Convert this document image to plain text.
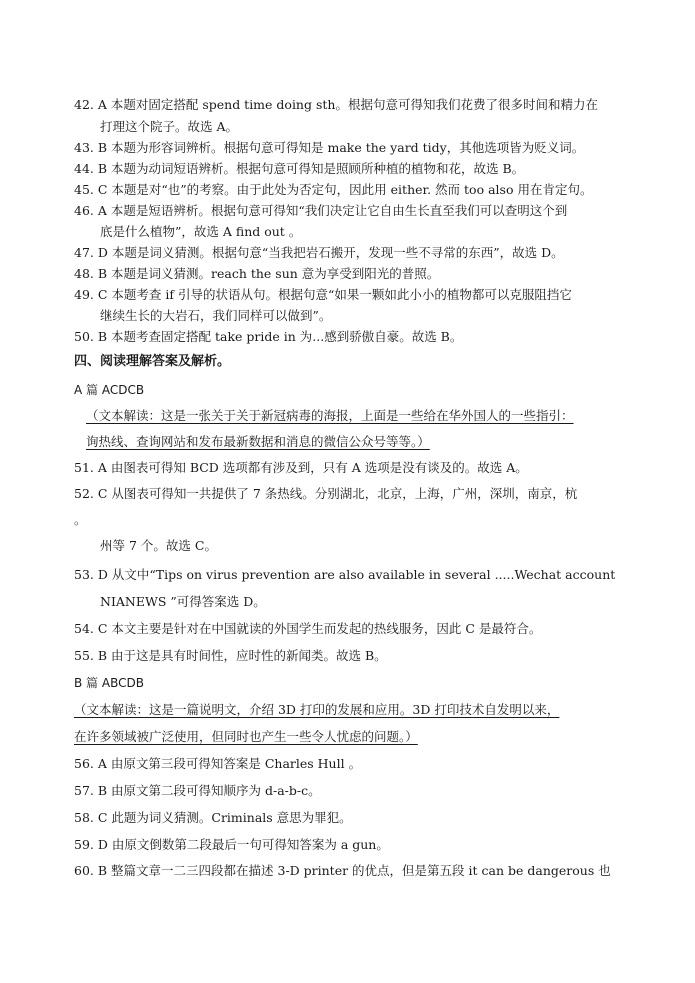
42. A 本题对固定搭配 spend time doing sth。根据句意可得知我们花费了很多时间和精力在
打理这个院子。故选 A。
43. B 本题为形容词辨析。根据句意可得知是 make the yard tidy，其他选项皆为贬义词。
44. B 本题为动词短语辨析。根据句意可得知是照顾所种植的植物和花，故选 B。
45. C 本题是对“也”的考察。由于此处为否定句，因此用 either. 然而 too also 用在肯定句。
46. A 本题是短语辨析。根据句意可得知“我们决定让它自由生长直至我们可以查明这个到
底是什么植物”，故选 A find out 。
47. D 本题是词义猜测。根据句意“当我把岩石搬开，发现一些不寻常的东西”，故选 D。
48. B 本题是词义猜测。reach the sun 意为享受到阳光的普照。
49. C 本题考查 if 引导的状语从句。根据句意“如果一颗如此小小的植物都可以克服阻挡它
继续生长的大岩石，我们同样可以做到”。
50. B 本题考查固定搭配 take pride in 为...感到骄傲自豪。故选 B。
四、阅读理解答案及解析。
A 篇 ACDCB
（文本解读：这是一张关于关于新冠病毒的海报，上面是一些给在华外国人的一些指引：
询热线、查询网站和发布最新数据和消息的微信公众号等等。）
51. A 由图表可得知 BCD 选项都有涉及到，只有 A 选项是没有谈及的。故选 A。
52. C 从图表可得知一共提供了 7 条热线。分别湖北，北京，上海，广州，深圳，南京，杭
。
州等 7 个。故选 C。
53. D 从文中“Tips on virus prevention are also available in several .....Wechat account
NIANEWS ”可得答案选 D。
54. C 本文主要是针对在中国就读的外国学生而发起的热线服务，因此 C 是最符合。
55. B 由于这是具有时间性，应时性的新闻类。故选 B。
B 篇 ABCDB
（文本解读：这是一篇说明文，介绍 3D 打印的发展和应用。3D 打印技术自发明以来，
在许多领域被广泛使用，但同时也产生一些令人忧虑的问题。）
56. A 由原文第三段可得知答案是 Charles Hull 。
57. B 由原文第二段可得知顺序为 d-a-b-c。
58. C 此题为词义猜测。Criminals 意思为罪犯。
59. D 由原文倒数第二段最后一句可得知答案为 a gun。
60. B 整篇文章一二三四段都在描述 3-D printer 的优点，但是第五段 it can be dangerous 也
